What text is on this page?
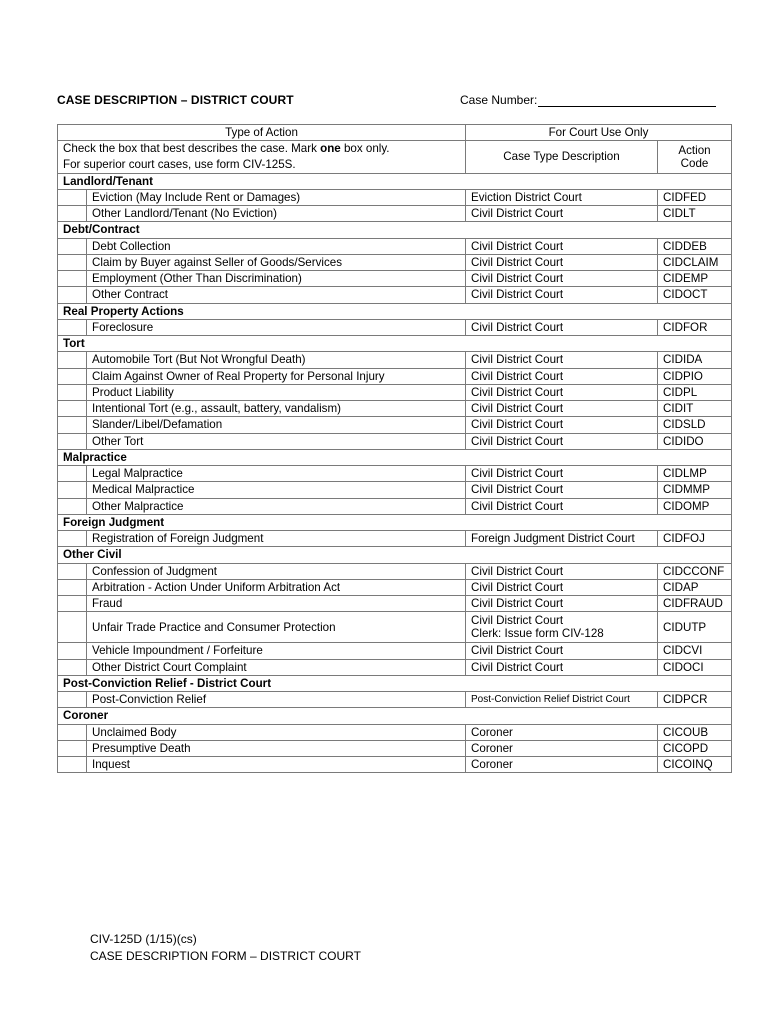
CASE DESCRIPTION – DISTRICT COURT	Case Number:
Type of Action		For Court Use Only	
Check the box that best describes the case. Mark one box only.
For superior court cases, use form CIV-125S.		Case Type Description	Action
Code
Landlord/Tenant			
	Eviction (May Include Rent or Damages)	Eviction District Court	CIDFED
	Other Landlord/Tenant (No Eviction)	Civil District Court	CIDLT
Debt/Contract			
	Debt Collection	Civil District Court	CIDDEB
	Claim by Buyer against Seller of Goods/Services	Civil District Court	CIDCLAIM
	Employment (Other Than Discrimination)	Civil District Court	CIDEMP
	Other Contract	Civil District Court	CIDOCT
Real Property Actions			
	Foreclosure	Civil District Court	CIDFOR
Tort			
	Automobile Tort (But Not Wrongful Death)	Civil District Court	CIDIDA
	Claim Against Owner of Real Property for Personal Injury	Civil District Court	CIDPIO
	Product Liability	Civil District Court	CIDPL
	Intentional Tort (e.g., assault, battery, vandalism)	Civil District Court	CIDIT
	Slander/Libel/Defamation	Civil District Court	CIDSLD
	Other Tort	Civil District Court	CIDIDO
Malpractice			
	Legal Malpractice	Civil District Court	CIDLMP
	Medical Malpractice	Civil District Court	CIDMMP
	Other Malpractice	Civil District Court	CIDOMP
Foreign Judgment			
	Registration of Foreign Judgment	Foreign Judgment District Court	CIDFOJ
Other Civil			
	Confession of Judgment	Civil District Court	CIDCCONF
	Arbitration - Action Under Uniform Arbitration Act	Civil District Court	CIDAP
	Fraud	Civil District Court	CIDFRAUD
	Unfair Trade Practice and Consumer Protection	Civil District Court
Clerk: Issue form CIV-128	CIDUTP
	Vehicle Impoundment / Forfeiture	Civil District Court	CIDCVI
	Other District Court Complaint	Civil District Court	CIDOCI
Post-Conviction Relief - District Court			
	Post-Conviction Relief	Post-Conviction Relief District Court	CIDPCR
Coroner			
	Unclaimed Body	Coroner	CICOUB
	Presumptive Death	Coroner	CICOPD
	Inquest	Coroner	CICOINQ
CIV-125D (1/15)(cs)
CASE DESCRIPTION FORM – DISTRICT COURT
